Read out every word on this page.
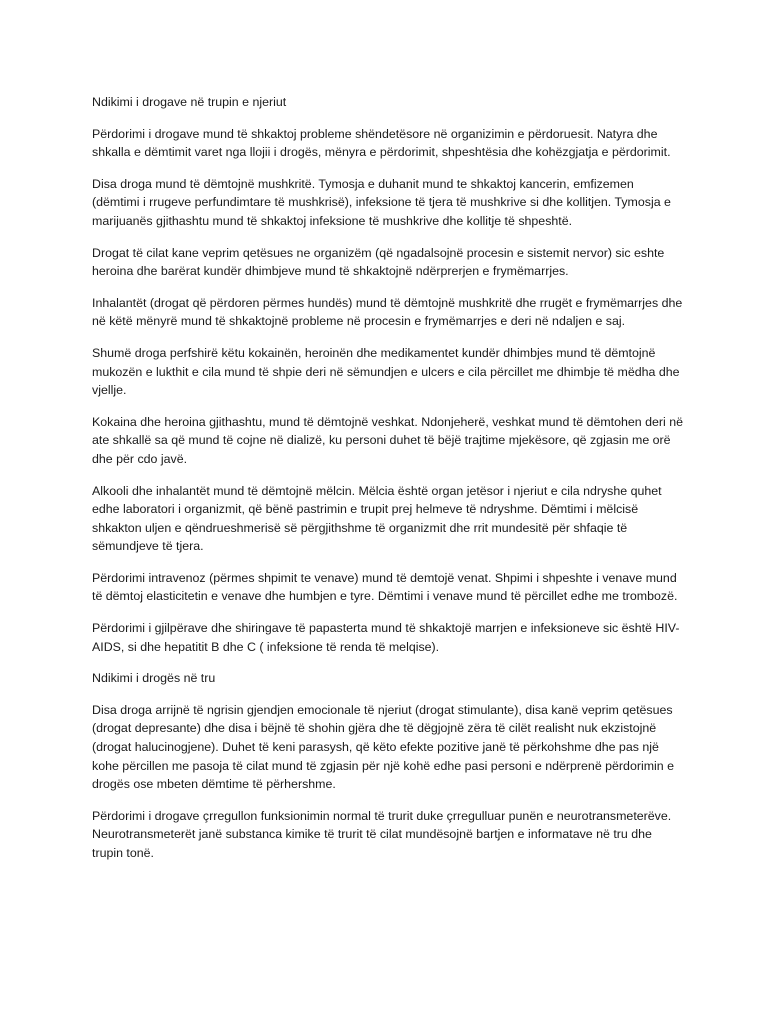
Ndikimi i drogave në trupin e njeriut

Përdorimi i drogave mund të shkaktoj probleme shëndetësore në organizimin e përdoruesit. Natyra dhe shkalla e dëmtimit varet nga llojii i drogës, mënyra e përdorimit, shpeshtësia dhe kohëzgjatja e përdorimit.

Disa droga mund të dëmtojnë mushkritë. Tymosja e duhanit mund te shkaktoj kancerin, emfizemen (dëmtimi i rrugeve perfundimtare të mushkrisë), infeksione të tjera të mushkrive si dhe kollitjen. Tymosja e marijuanës gjithashtu mund të shkaktoj infeksione të mushkrive dhe kollitje të shpeshtë.

Drogat të cilat kane veprim qetësues ne organizëm (që ngadalsojnë procesin e sistemit nervor) sic eshte heroina dhe barërat kundër dhimbjeve mund të shkaktojnë ndërprerjen e frymëmarrjes.

Inhalantët (drogat që përdoren përmes hundës) mund të dëmtojnë mushkritë dhe rrugët e frymëmarrjes dhe në këtë mënyrë mund të shkaktojnë probleme në procesin e frymëmarrjes e deri në ndaljen e saj.

Shumë droga perfshirë këtu kokainën, heroinën dhe medikamentet kundër dhimbjes mund të dëmtojnë mukozën e lukthit e cila mund të shpie deri në sëmundjen e ulcers e cila përcillet me dhimbje të mëdha dhe vjellje.

Kokaina dhe heroina gjithashtu, mund të dëmtojnë veshkat. Ndonjeherë, veshkat mund të dëmtohen deri në ate shkallë sa që mund të cojne në dializë, ku personi duhet të bëjë trajtime mjekësore, që zgjasin me orë dhe për cdo javë.

Alkooli dhe inhalantët mund të dëmtojnë mëlcin. Mëlcia është organ jetësor i njeriut e cila ndryshe quhet edhe laboratori i organizmit, që bënë pastrimin e trupit prej helmeve të ndryshme. Dëmtimi i mëlcisë shkakton uljen e qëndrueshmerisë së përgjithshme të organizmit dhe rrit mundesitë për shfaqie të sëmundjeve të tjera.

Përdorimi intravenoz (përmes shpimit te venave) mund të demtojë venat. Shpimi i shpeshte i venave mund të dëmtoj elasticitetin e venave dhe humbjen e tyre. Dëmtimi i venave mund të përcillet edhe me trombozë.

Përdorimi i gjilpërave dhe shiringave të papasterta mund të shkaktojë marrjen e infeksioneve sic është HIV-AIDS, si dhe hepatitit B dhe C ( infeksione të renda të melqise).

Ndikimi i drogës në tru

Disa droga arrijnë të ngrisin gjendjen emocionale të njeriut (drogat stimulante), disa kanë veprim qetësues (drogat depresante) dhe disa i bëjnë të shohin gjëra dhe të dëgjojnë zëra të cilët realisht nuk ekzistojnë (drogat halucinogjene). Duhet të keni parasysh, që këto efekte pozitive janë të përkohshme dhe pas një kohe përcillen me pasoja të cilat mund të zgjasin për një kohë edhe pasi personi e ndërprenë përdorimin e drogës ose mbeten dëmtime të përhershme.

Përdorimi i drogave çrregullon funksionimin normal të trurit duke çrregulluar punën e neurotransmeterëve. Neurotransmeterët janë substanca kimike të trurit të cilat mundësojnë bartjen e informatave në tru dhe trupin tonë.
